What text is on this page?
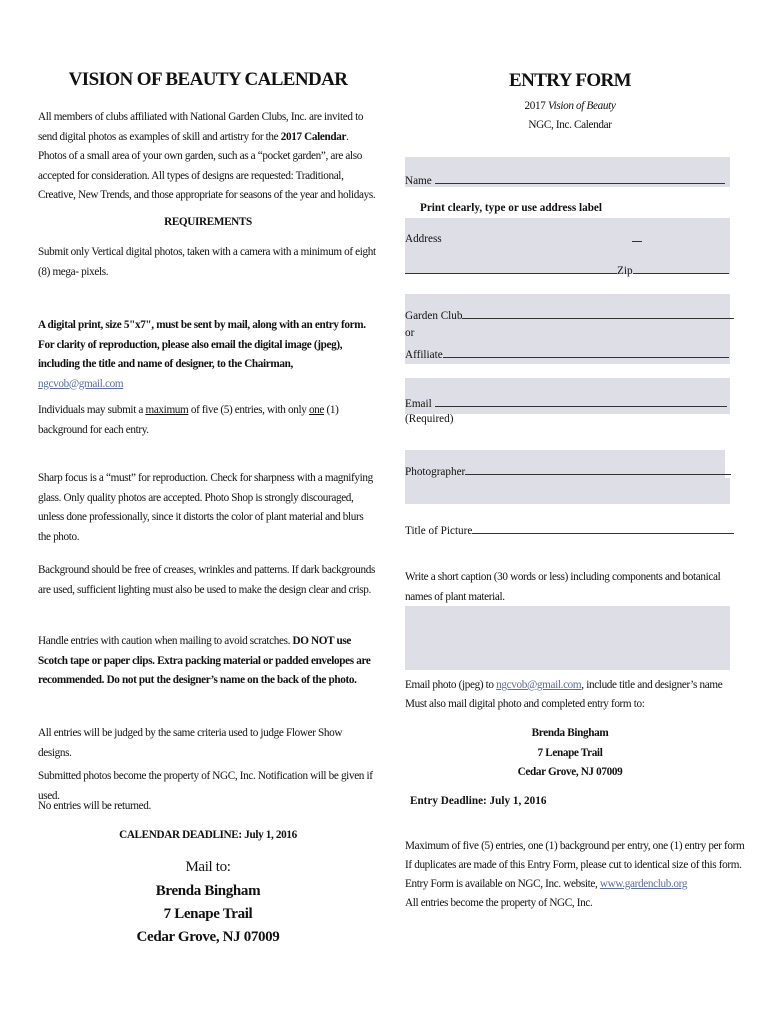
VISION OF BEAUTY CALENDAR

All members of clubs affiliated with National Garden Clubs, Inc. are invited to send digital photos as examples of skill and artistry for the 2017 Calendar. Photos of a small area of your own garden, such as a “pocket garden”, are also accepted for consideration. All types of designs are requested: Traditional, Creative, New Trends, and those appropriate for seasons of the year and holidays.

REQUIREMENTS

Submit only Vertical digital photos, taken with a camera with a minimum of eight (8) mega- pixels.

A digital print, size 5"x7", must be sent by mail, along with an entry form. For clarity of reproduction, please also email the digital image (jpeg), including the title and name of designer, to the Chairman, ngcvob@gmail.com

Individuals may submit a maximum of five (5) entries, with only one (1) background for each entry.

Sharp focus is a “must” for reproduction. Check for sharpness with a magnifying glass. Only quality photos are accepted. Photo Shop is strongly discouraged, unless done professionally, since it distorts the color of plant material and blurs the photo.

Background should be free of creases, wrinkles and patterns. If dark backgrounds are used, sufficient lighting must also be used to make the design clear and crisp.

Handle entries with caution when mailing to avoid scratches. DO NOT use Scotch tape or paper clips. Extra packing material or padded envelopes are recommended. Do not put the designer’s name on the back of the photo.

All entries will be judged by the same criteria used to judge Flower Show designs.

Submitted photos become the property of NGC, Inc. Notification will be given if used.

No entries will be returned.

CALENDAR DEADLINE: July 1, 2016
Mail to:
Brenda Bingham
7 Lenape Trail
Cedar Grove, NJ 07009
ENTRY FORM
2017 Vision of Beauty
NGC, Inc. Calendar
Name
Print clearly, type or use address label
Address
Zip
Garden Club
or
Affiliate
Email
(Required)
Photographer
Title of Picture

Write a short caption (30 words or less) including components and botanical names of plant material.

Email photo (jpeg) to ngcvob@gmail.com, include title and designer’s name

Must also mail digital photo and completed entry form to:

Brenda Bingham
7 Lenape Trail
Cedar Grove, NJ 07009
Entry Deadline: July 1, 2016

Maximum of five (5) entries, one (1) background per entry, one (1) entry per form

If duplicates are made of this Entry Form, please cut to identical size of this form.

Entry Form is available on NGC, Inc. website, www.gardenclub.org

All entries become the property of NGC, Inc.
